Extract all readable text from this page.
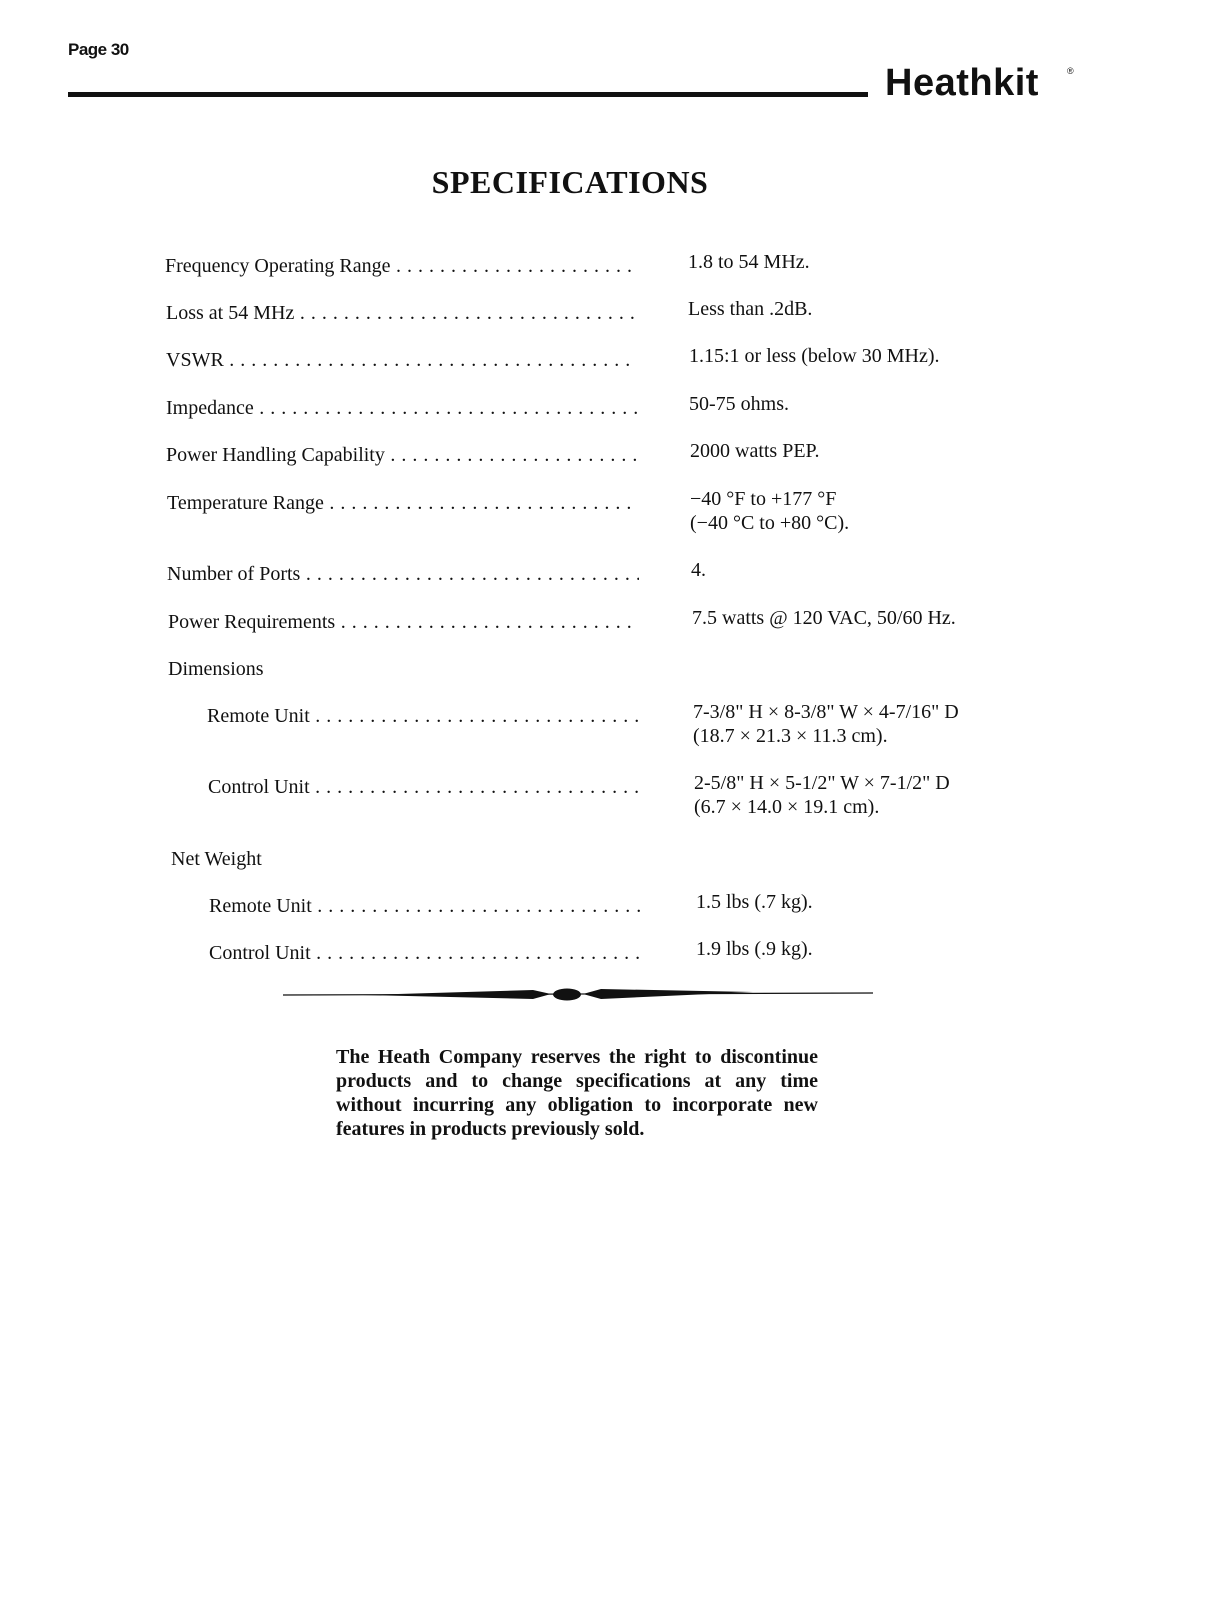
Page 30
Heathkit	®
SPECIFICATIONS
Frequency Operating Range . . .	1.8 to 54 MHz.
Loss at 54 MHz . . .	Less than .2dB.
VSWR . . .	1.15:1 or less (below 30 MHz).
Impedance . . .	50-75 ohms.
Power Handling Capability . . .	2000 watts PEP.
Temperature Range . . .	−40 °F to +177 °F
(−40 °C to +80 °C).
Number of Ports . . .	4.
Power Requirements . . .	7.5 watts @ 120 VAC, 50/60 Hz.
Dimensions
Remote Unit . . .	7-3/8" H × 8-3/8" W × 4-7/16" D
(18.7 × 21.3 × 11.3 cm).
Control Unit . . .	2-5/8" H × 5-1/2" W × 7-1/2" D
(6.7 × 14.0 × 19.1 cm).
Net Weight
Remote Unit . . .	1.5 lbs (.7 kg).
Control Unit . . .	1.9 lbs (.9 kg).
The Heath Company reserves the right to discontinue products and to change specifications at any time without incurring any obligation to incorporate new features in products previously sold.
